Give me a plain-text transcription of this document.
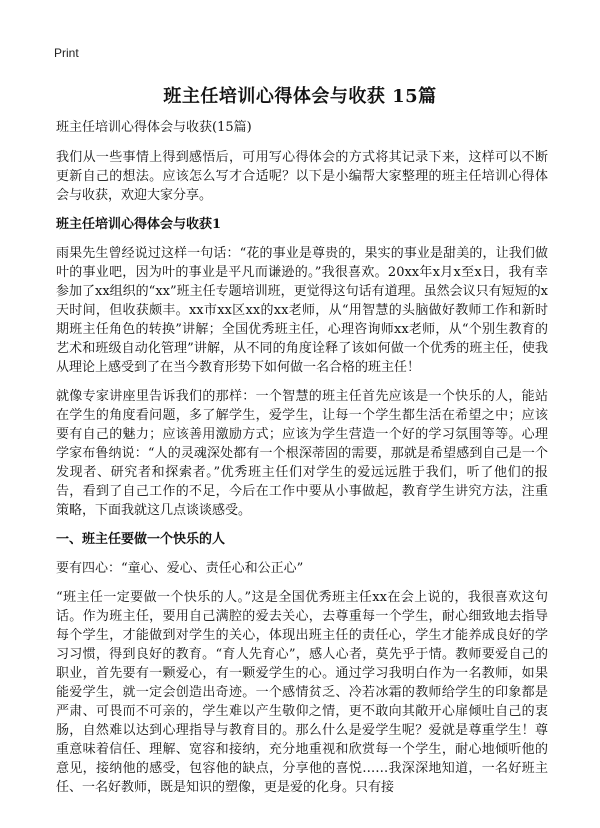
Print
班主任培训心得体会与收获 15篇

班主任培训心得体会与收获(15篇)

我们从一些事情上得到感悟后，可用写心得体会的方式将其记录下来，这样可以不断更新自己的想法。应该怎么写才合适呢？以下是小编帮大家整理的班主任培训心得体会与收获，欢迎大家分享。

班主任培训心得体会与收获1

雨果先生曾经说过这样一句话：“花的事业是尊贵的，果实的事业是甜美的，让我们做叶的事业吧，因为叶的事业是平凡而谦逊的。”我很喜欢。20xx年x月x至x日，我有幸参加了xx组织的“xx”班主任专题培训班，更觉得这句话有道理。虽然会议只有短短的x天时间，但收获颇丰。xx市xx区xx的xx老师，从“用智慧的头脑做好教师工作和新时期班主任角色的转换”讲解；全国优秀班主任，心理咨询师xx老师，从“个别生教育的艺术和班级自动化管理”讲解，从不同的角度诠释了该如何做一个优秀的班主任，使我从理论上感受到了在当今教育形势下如何做一名合格的班主任！

就像专家讲座里告诉我们的那样：一个智慧的班主任首先应该是一个快乐的人，能站在学生的角度看问题，多了解学生，爱学生，让每一个学生都生活在希望之中；应该要有自己的魅力；应该善用激励方式；应该为学生营造一个好的学习氛围等等。心理学家布鲁纳说：“人的灵魂深处都有一个根深蒂固的需要，那就是希望感到自己是一个发现者、研究者和探索者。”优秀班主任们对学生的爱远远胜于我们，听了他们的报告，看到了自己工作的不足，今后在工作中要从小事做起，教育学生讲究方法，注重策略，下面我就这几点谈谈感受。

一、班主任要做一个快乐的人

要有四心：“童心、爱心、责任心和公正心”

“班主任一定要做一个快乐的人。”这是全国优秀班主任xx在会上说的，我很喜欢这句话。作为班主任，要用自己满腔的爱去关心，去尊重每一个学生，耐心细致地去指导每个学生，才能做到对学生的关心，体现出班主任的责任心，学生才能养成良好的学习习惯，得到良好的教育。“育人先育心”，感人心者，莫先乎于情。教师要爱自己的职业，首先要有一颗爱心，有一颗爱学生的心。通过学习我明白作为一名教师，如果能爱学生，就一定会创造出奇迹。一个感情贫乏、冷若冰霜的教师给学生的印象都是严肃、可畏而不可亲的，学生难以产生敬仰之情，更不敢向其敞开心扉倾吐自己的衷肠，自然难以达到心理指导与教育目的。那么什么是爱学生呢？爱就是尊重学生！尊重意味着信任、理解、宽容和接纳，充分地重视和欣赏每一个学生，耐心地倾听他的意见，接纳他的感受，包容他的缺点，分享他的喜悦……我深深地知道，一名好班主任、一名好教师，既是知识的塑像，更是爱的化身。只有接
